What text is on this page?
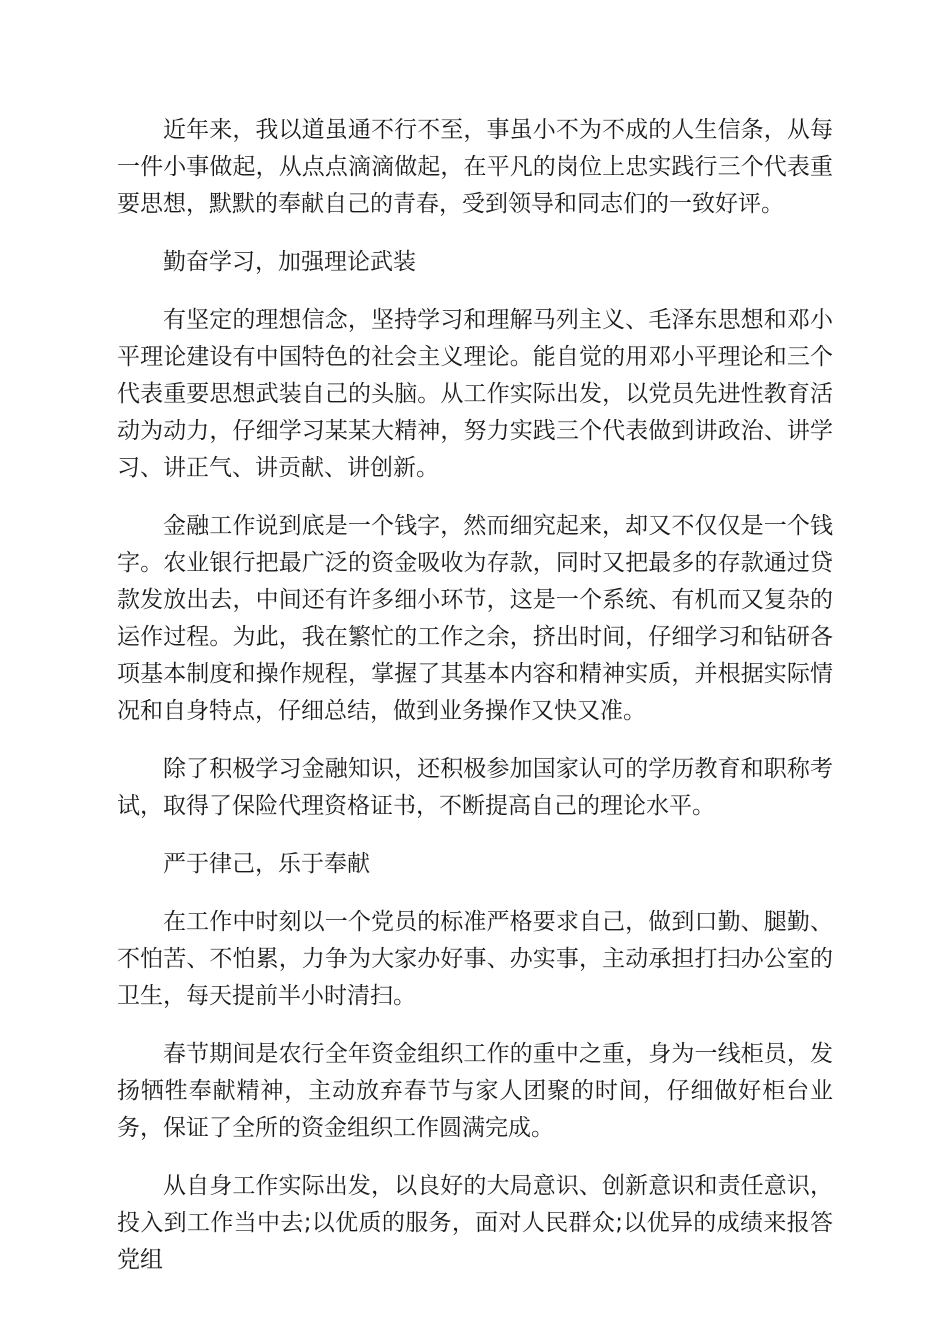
近年来，我以道虽通不行不至，事虽小不为不成的人生信条，从每一件小事做起，从点点滴滴做起，在平凡的岗位上忠实践行三个代表重要思想，默默的奉献自己的青春，受到领导和同志们的一致好评。

勤奋学习，加强理论武装

有坚定的理想信念，坚持学习和理解马列主义、毛泽东思想和邓小平理论建设有中国特色的社会主义理论。能自觉的用邓小平理论和三个代表重要思想武装自己的头脑。从工作实际出发，以党员先进性教育活动为动力，仔细学习某某大精神，努力实践三个代表做到讲政治、讲学习、讲正气、讲贡献、讲创新。

金融工作说到底是一个钱字，然而细究起来，却又不仅仅是一个钱字。农业银行把最广泛的资金吸收为存款，同时又把最多的存款通过贷款发放出去，中间还有许多细小环节，这是一个系统、有机而又复杂的运作过程。为此，我在繁忙的工作之余，挤出时间，仔细学习和钻研各项基本制度和操作规程，掌握了其基本内容和精神实质，并根据实际情况和自身特点，仔细总结，做到业务操作又快又准。

除了积极学习金融知识，还积极参加国家认可的学历教育和职称考试，取得了保险代理资格证书，不断提高自己的理论水平。

严于律己，乐于奉献

在工作中时刻以一个党员的标准严格要求自己，做到口勤、腿勤、不怕苦、不怕累，力争为大家办好事、办实事，主动承担打扫办公室的卫生，每天提前半小时清扫。

春节期间是农行全年资金组织工作的重中之重，身为一线柜员，发扬牺牲奉献精神，主动放弃春节与家人团聚的时间，仔细做好柜台业务，保证了全所的资金组织工作圆满完成。

从自身工作实际出发，以良好的大局意识、创新意识和责任意识，投入到工作当中去;以优质的服务，面对人民群众;以优异的成绩来报答党组
